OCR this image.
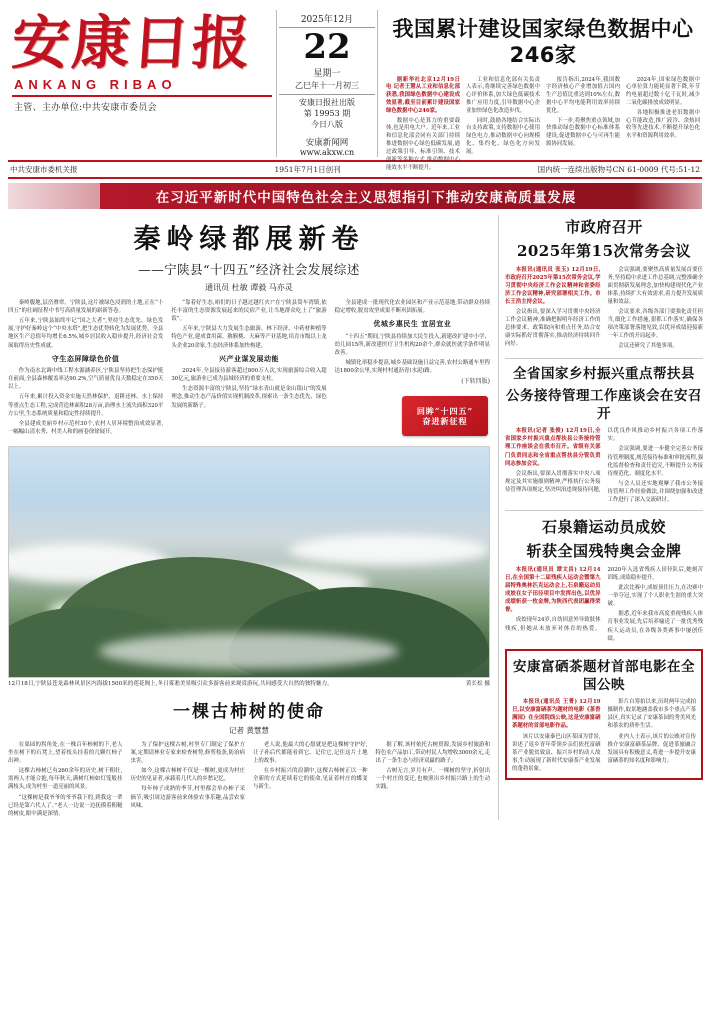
安康日报
ANKANG RIBAO
主管、主办单位:中共安康市委员会
2025年12月
22
星期一
乙巳年十一月初三
安康日报社出版
第 19953 期
今日八版
安康新闻网
www.akxw.cn
我国累计建设国家绿色数据中心246家

据新华社北京12月19日电 记者王慧从工业和信息化部获悉,我国绿色数据中心建设成效显著,截至目前累计建设国家绿色数据中心246家。

数据中心是算力的重要载体,也是用电大户。近年来,工业和信息化部会同有关部门持续推进数据中心绿色低碳发展,通过政策引导、标准引领、技术创新等多种方式,推动数据中心能效水平不断提升。

工业和信息化部有关负责人表示,将继续完善绿色数据中心评价体系,加大绿色低碳技术推广应用力度,引导数据中心企业加快绿色化改造步伐。

同时,鼓励各地结合实际出台支持政策,支持数据中心使用绿色电力,推动数据中心向规模化、集约化、绿色化方向发展。

报告指出,2024年,我国数字经济核心产业增加值占国内生产总值比重达到10%左右,数据中心平均电能利用效率持续优化。

下一步,将聚焦重点领域,加快推动绿色数据中心标准体系建设,促进数据中心与可再生能源协同发展。

2024年,国家绿色数据中心单位算力能耗显著下降,年节约电量超过数十亿千瓦时,减少二氧化碳排放成效明显。

各地积极推进老旧数据中心节能改造,推广液冷、余热回收等先进技术,不断提升绿色化水平和资源利用效率。

中共安康市委机关报	1951年7月1日创刊	国内统一连续出版物号CN 61-0009 代号:51-12
在习近平新时代中国特色社会主义思想指引下推动安康高质量发展
秦岭绿都展新卷
——宁陕县“十四五”经济社会发展综述
通讯员 杜敏 谭毅 马亦灵

秦岭腹地,层峦叠翠。宁陕县,这片被绿色浸润的土地,正在“十四五”的壮阔征程中书写高质量发展的崭新答卷。

五年来,宁陕县始终牢记“国之大者”,坚持生态优先、绿色发展,守护好秦岭这个“中央水塔”,把生态优势转化为发展优势，全县地区生产总值年均增长6.5%,城乡居民收入稳步提升,经济社会发展取得历史性成就。

守生态屏障绿色价值

作为南水北调中线工程水源涵养区,宁陕县坚持把生态保护挺在前面,全县森林覆盖率达90.2%,空气质量优良天数稳定在350天以上。

五年来,累计投入资金实施天然林保护、退耕还林、水土保持等重点生态工程,完成营造林面积28万亩,治理水土流失面积320平方公里,生态系统质量和稳定性持续提升。

全县建成美丽乡村示范村30个,农村人居环境整治成效显著,一幅幅山清水秀、村美人和的画卷徐徐展开。

“靠着好生态,咱们的日子越过越红火!”在宁陕县筒车湾镇,依托丰富的生态资源发展起来的民宿产业,让当地群众吃上了“旅游饭”。

五年来,宁陕县大力发展生态旅游、林下经济、中药材种植等特色产业,建成食用菌、猕猴桃、天麻等产业基地,培育市级以上龙头企业20余家,生态经济体系加快构建。

兴产业谋发展动能

2024年,全县接待游客超过800万人次,实现旅游综合收入超30亿元,旅游业已成为县域经济的重要支柱。

生态资源丰富的宁陕县,坚持“绿水青山就是金山银山”的发展理念,推动生态产品价值实现机制改革,探索出一条生态优先、绿色发展的新路子。

全县建成一批现代化农业园区和产业示范基地,带动群众持续稳定增收,脱贫攻坚成果不断巩固拓展。

优城乡惠民生 宜居宜业

“十四五”期间,宁陕县持续加大民生投入,新建改扩建中小学、幼儿园15所,新改建医疗卫生机构20余个,群众就医就学条件明显改善。

城镇化率稳步提高,城乡基础设施日益完善,农村公路通车里程达1800余公里,实现村村通沥青(水泥)路。

(下转四版)
回眸“十四五”
奋进新征程
12月18日,宁陕县苍龙森林风景区内海拔1500米的莲花阁上,冬日雾凇美景吸引众多游客前来观赏游玩,共同感受大自然的独特魅力。	黄长松 摄
一棵古柿树的使命
记者 黄慧慧

在果园的拐角处,在一株百年柿树的下,老人坐在树下的石凳上,望着枝头挂着的几颗红柿子出神。

这棵古柿树已有260余年的历史,树干粗壮,需两人才能合抱,每年秋天,满树红柿如灯笼般挂满枝头,成为村里一道亮丽的风景。

“这棵树是我爷爷的爷爷栽下的,到我这一辈已经是第六代人了。”老人一边说一边抚摸着粗糙的树皮,眼中满是深情。

为了保护这棵古树,村里专门制定了保护方案,定期请林业专家来检查树势,修剪枝条,防治病虫害。

如今,这棵古柿树不仅是一棵树,更成为村庄历史的见证者,承载着几代人的乡愁记忆。

每年柿子成熟的季节,村里都会举办柿子采摘节,吸引周边游客前来体验农事乐趣,品尝农家风味。

老人说,他最大的心愿就是把这棵树守护好,让子孙后代都能看到它、记住它,记住这片土地上的故事。

在乡村振兴的浪潮中,这棵古柿树正以一种全新的方式延续着它的使命,见证着村庄的蝶变与新生。

据了解,该村依托古树资源,发展乡村旅游和特色农产品加工,带动村民人均增收3000余元,走出了一条生态与经济双赢的路子。

古树无言,岁月有声。一棵树的坚守,折射出一个村庄的变迁,也映照出乡村振兴路上的生动实践。

市政府召开
2025年第15次常务会议

本报讯(通讯员 张玉) 12月19日,市政府召开2025年第15次常务会议,学习贯彻中央经济工作会议精神和省委经济工作会议精神,研究部署相关工作。市长王浩主持会议。

会议指出,要深入学习贯彻中央经济工作会议精神,准确把握明年经济工作的总体要求、政策取向和重点任务,结合安康实际抓好贯彻落实,推动经济持续回升向好。

会议强调,要聚焦高质量发展首要任务,坚持稳中求进工作总基调,完整准确全面贯彻新发展理念,加快构建现代化产业体系,持续扩大有效需求,着力提升发展质量和效益。

会议要求,各级各部门要强化责任担当,细化工作措施,狠抓工作落实,确保各项决策部署落地见效,以优异成绩迎接新一年工作的开局起步。

会议还研究了其他事项。

全省国家乡村振兴重点帮扶县
公务接待管理工作座谈会在安召开

本报讯(记者 张俊) 12月19日,全省国家乡村振兴重点帮扶县公务接待管理工作座谈会在我市召开。省级有关部门负责同志和全省重点帮扶县分管负责同志参加会议。

会议指出,要深入贯彻落实中央八项规定及其实施细则精神,严格执行公务接待管理各项规定,坚决纠治违规接待问题,以优良作风推动乡村振兴各项工作落实。

会议强调,要进一步健全完善公务接待管理制度,规范接待标准和审批流程,强化监督检查和责任追究,不断提升公务接待规范化、制度化水平。

与会人员还实地观摩了我市公务接待管理工作经验做法,并围绕加强和改进工作进行了深入交流研讨。

石泉籍运动员成姣
斩获全国残特奥会金牌

本报讯(通讯员 谭文昌) 12月14日,在全国第十二届残疾人运动会暨第九届特殊奥林匹克运动会上,石泉籍运动员成姣在女子田径项目中发挥出色,以优异成绩斩获一枚金牌,为陕西代表团赢得荣誉。

成姣现年24岁,自幼因意外导致肢体残疾,但她从未放弃对体育的热爱。2020年入选省残疾人田径队后,她刻苦训练,成绩稳步提升。

此次比赛中,成姣顶住压力,在决赛中一举夺冠,实现了个人职业生涯的重大突破。

据悉,近年来我市高度重视残疾人体育事业发展,先后培养输送了一批优秀残疾人运动员,在各级各类赛事中屡创佳绩。

安康富硒茶题材首部电影在全国公映

本报讯(通讯员 王菁) 12月19日,以安康富硒茶为题材的电影《茶香满园》在全国院线公映,这是安康富硒茶题材的首部电影作品。

该片以安康秦巴山区茶园为背景,讲述了返乡青年带领乡亲们依托富硒茶产业脱贫致富、振兴乡村的动人故事,生动展现了新时代安康茶产业发展的蓬勃景象。

影片自筹拍以来,历时两年完成拍摄制作,取景地涵盖我市多个重点产茶县区,真实记录了安康茶园的秀美风光和茶农的质朴生活。

业内人士表示,该片的公映对宣传推介安康富硒茶品牌、促进茶旅融合发展具有积极意义,将进一步提升安康富硒茶的知名度和影响力。
